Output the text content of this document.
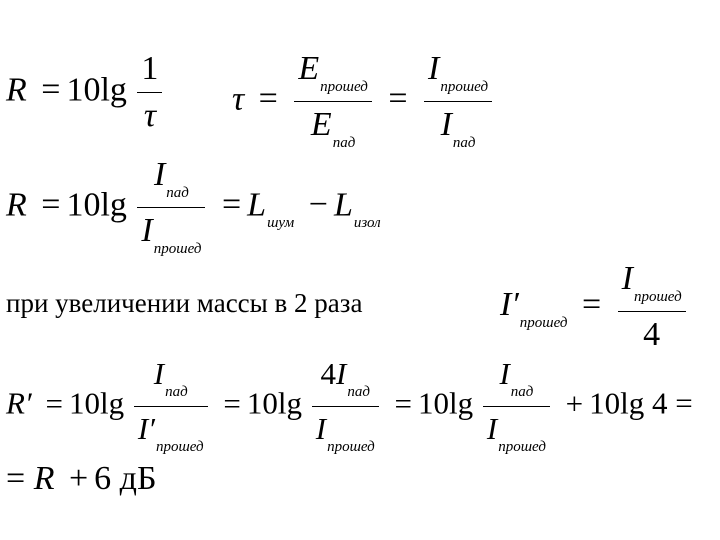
$R = 10\lg \frac{1}{\tau}$ $\tau = \frac{E_{прошед}}{E_{пад}} = \frac{I_{прошед}}{I_{пад}}$
$R = 10\lg \frac{I_{пад}}{I_{прошед}} = L_{шум} - L_{изол}$
при увеличении массы в 2 раза	$I'_{прошед} = \frac{I_{прошед}}{4}$
$R' = 10\lg \frac{I_{пад}}{I'_{прошед}} = 10\lg \frac{4I_{пад}}{I_{прошед}} = 10\lg \frac{I_{пад}}{I_{прошед}} + 10\lg$ 4 =
= R + 6 дБ
